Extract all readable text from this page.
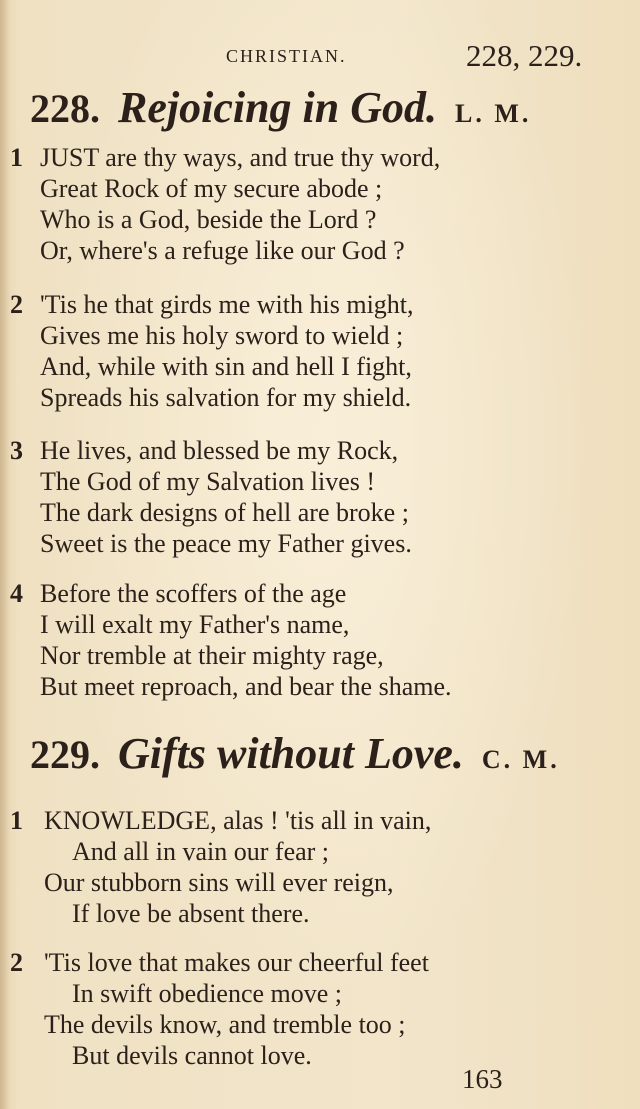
CHRISTIAN.	228, 229.
228. Rejoicing in God. L. M.
1 JUST are thy ways, and true thy word,
Great Rock of my secure abode ;
Who is a God, beside the Lord ?
Or, where's a refuge like our God ?
2 'Tis he that girds me with his might,
Gives me his holy sword to wield ;
And, while with sin and hell I fight,
Spreads his salvation for my shield.
3 He lives, and blessed be my Rock,
The God of my Salvation lives !
The dark designs of hell are broke ;
Sweet is the peace my Father gives.
4 Before the scoffers of the age
I will exalt my Father's name,
Nor tremble at their mighty rage,
But meet reproach, and bear the shame.
229. Gifts without Love. C. M.
1 KNOWLEDGE, alas ! 'tis all in vain,
And all in vain our fear ;
Our stubborn sins will ever reign,
If love be absent there.
2 'Tis love that makes our cheerful feet
In swift obedience move ;
The devils know, and tremble too ;
But devils cannot love.
163
